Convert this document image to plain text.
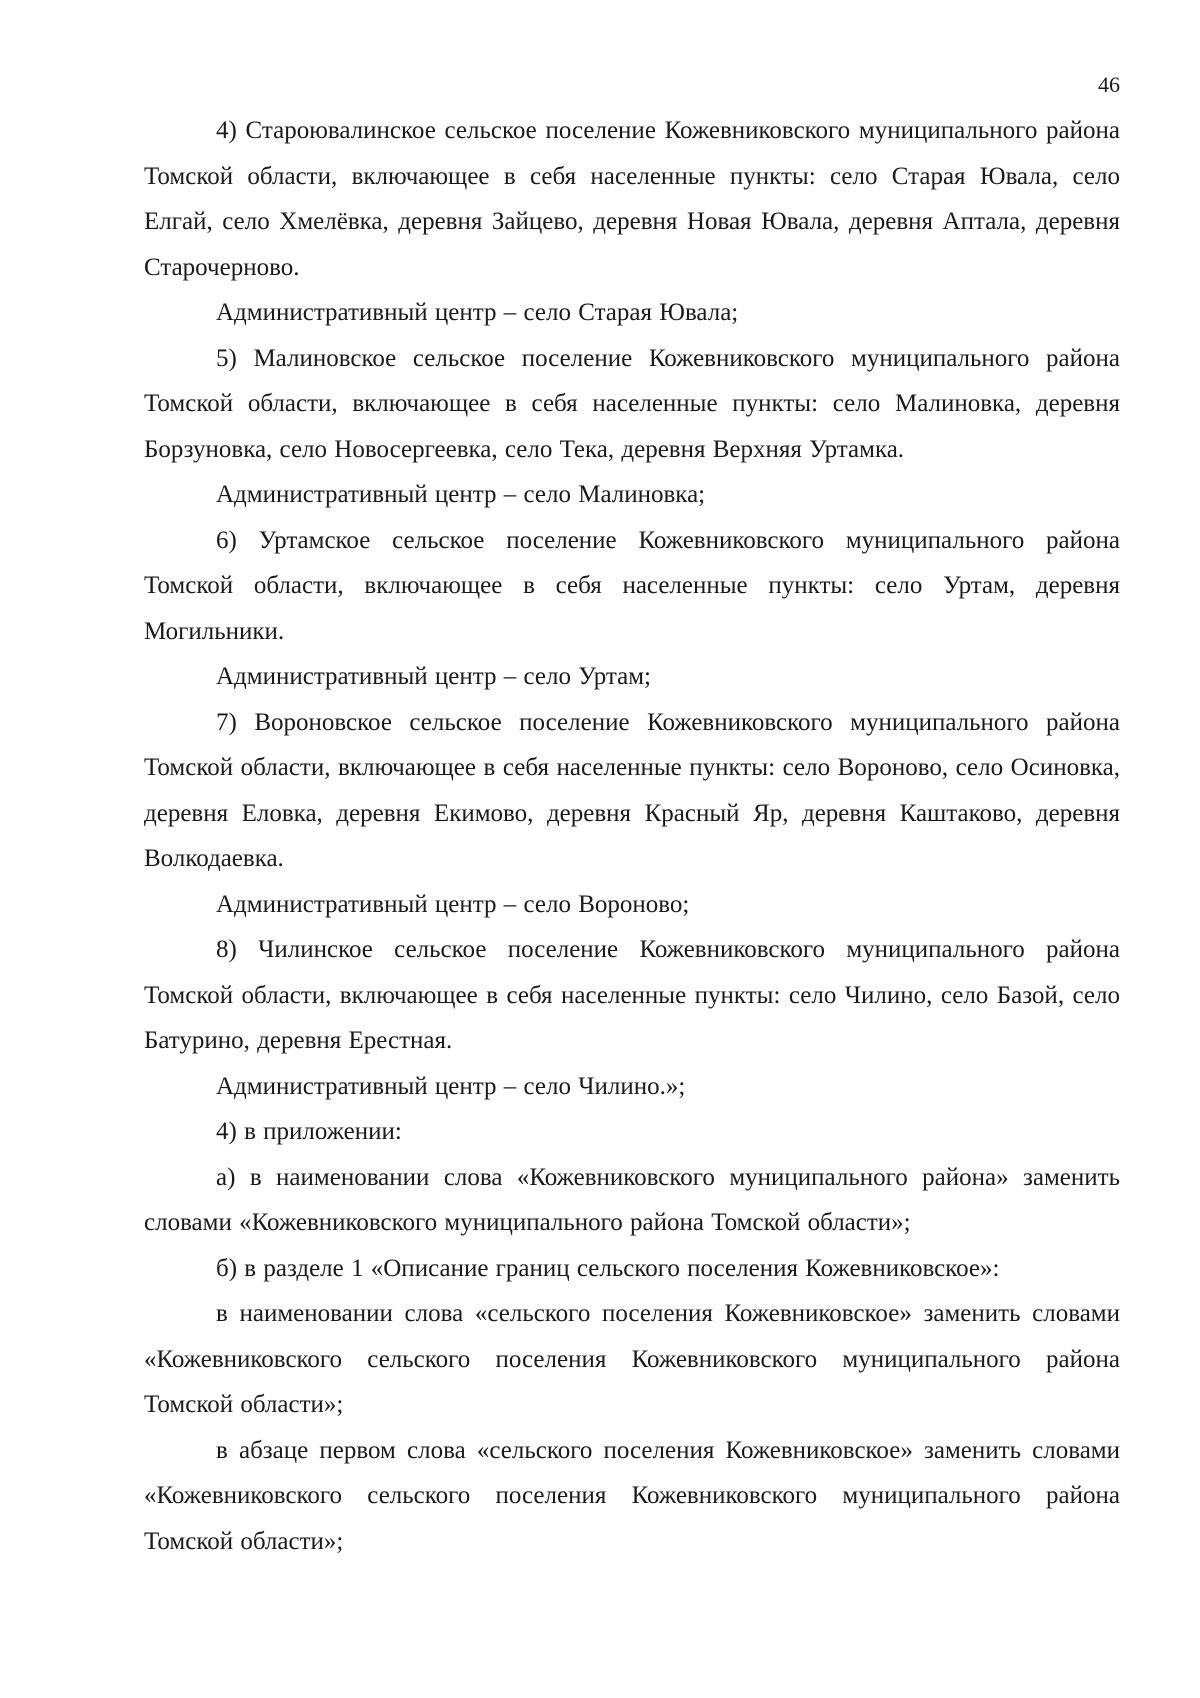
46

4) Староювалинское сельское поселение Кожевниковского муниципального района Томской области, включающее в себя населенные пункты: село Старая Ювала, село Елгай, село Хмелёвка, деревня Зайцево, деревня Новая Ювала, деревня Аптала, деревня Старочерново.

Административный центр – село Старая Ювала;

5) Малиновское сельское поселение Кожевниковского муниципального района Томской области, включающее в себя населенные пункты: село Малиновка, деревня Борзуновка, село Новосергеевка, село Тека, деревня Верхняя Уртамка.

Административный центр – село Малиновка;

6) Уртамское сельское поселение Кожевниковского муниципального района Томской области, включающее в себя населенные пункты: село Уртам, деревня Могильники.

Административный центр – село Уртам;

7) Вороновское сельское поселение Кожевниковского муниципального района Томской области, включающее в себя населенные пункты: село Вороново, село Осиновка, деревня Еловка, деревня Екимово, деревня Красный Яр, деревня Каштаково, деревня Волкодаевка.

Административный центр – село Вороново;

8) Чилинское сельское поселение Кожевниковского муниципального района Томской области, включающее в себя населенные пункты: село Чилино, село Базой, село Батурино, деревня Ерестная.

Административный центр – село Чилино.»;

4) в приложении:

а) в наименовании слова «Кожевниковского муниципального района» заменить словами «Кожевниковского муниципального района Томской области»;

б) в разделе 1 «Описание границ сельского поселения Кожевниковское»:

в наименовании слова «сельского поселения Кожевниковское» заменить словами «Кожевниковского сельского поселения Кожевниковского муниципального района Томской области»;

в абзаце первом слова «сельского поселения Кожевниковское» заменить словами «Кожевниковского сельского поселения Кожевниковского муниципального района Томской области»;
